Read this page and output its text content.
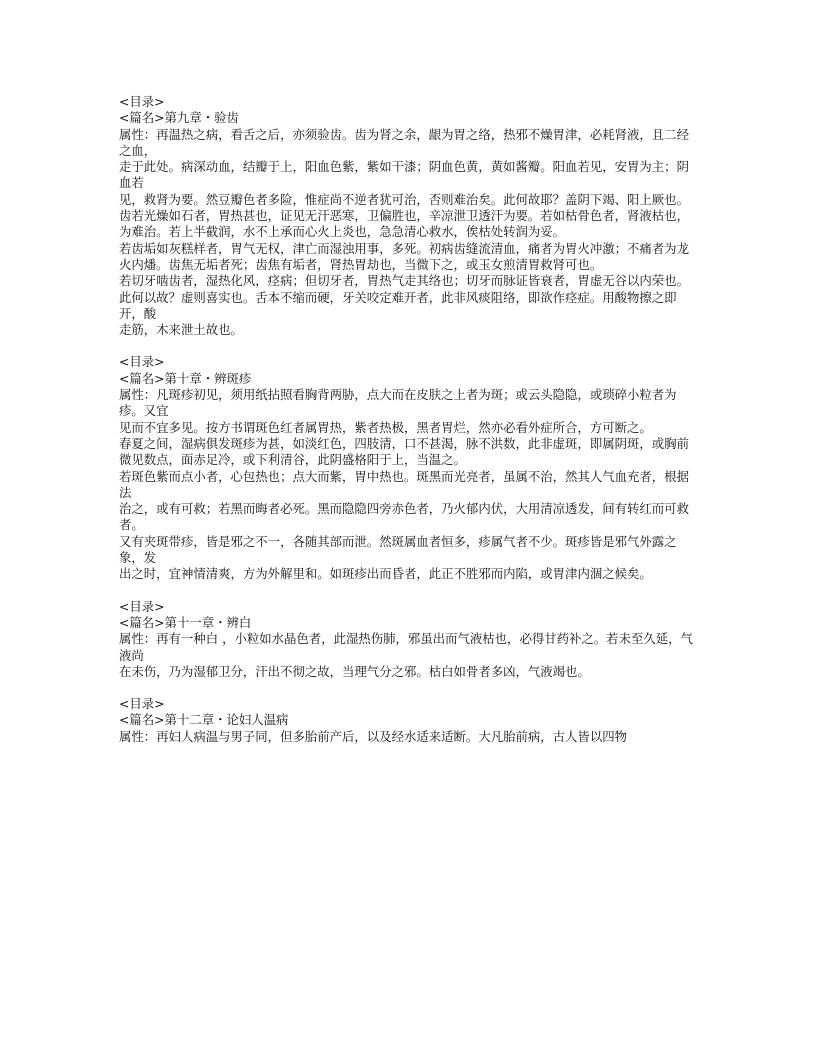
<目录>
<篇名>第九章・验齿
属性：再温热之病，看舌之后，亦须验齿。齿为肾之余，龈为胃之络，热邪不燥胃津，必耗肾液，且二经之血，
走于此处。病深动血，结瓣于上，阳血色紫，紫如干漆；阴血色黄，黄如酱瓣。阳血若见，安胃为主；阴血若
见，救肾为要。然豆瓣色者多险，惟症尚不逆者犹可治，否则难治矣。此何故耶？盖阴下竭、阳上厥也。
齿若光燥如石者，胃热甚也，证见无汗恶寒，卫偏胜也，辛凉泄卫透汗为要。若如枯骨色者，肾液枯也，
为难治。若上半截润，水不上承而心火上炎也，急急清心救水，俟枯处转润为妥。
若齿垢如灰糕样者，胃气无权，津亡而湿浊用事，多死。初病齿缝流清血，痛者为胃火冲激；不痛者为龙
火内燔。齿焦无垢者死；齿焦有垢者，肾热胃劫也，当微下之，或玉女煎清胃救肾可也。
若切牙啮齿者，湿热化风，痉病；但切牙者，胃热气走其络也；切牙而脉证皆衰者，胃虚无谷以内荣也。
此何以故？虚则喜实也。舌本不缩而硬，牙关咬定难开者，此非风痰阻络，即欲作痉症。用酸物擦之即开，酸
走筋，木来泄土故也。
<目录>
<篇名>第十章・辨斑疹
属性：凡斑疹初见，须用纸拈照看胸背两胁，点大而在皮肤之上者为斑；或云头隐隐，或琐碎小粒者为疹。又宜
见而不宜多见。按方书谓斑色红者属胃热，紫者热极，黑者胃烂，然亦必看外症所合，方可断之。
春夏之间，湿病俱发斑疹为甚，如淡红色，四肢清，口不甚渴，脉不洪数，此非虚斑，即属阴斑，或胸前
微见数点，面赤足冷，或下利清谷，此阴盛格阳于上，当温之。
若斑色紫而点小者，心包热也；点大而紫，胃中热也。斑黑而光亮者，虽属不治，然其人气血充者，根据法
治之，或有可救；若黑而晦者必死。黑而隐隐四旁赤色者，乃火郁内伏，大用清凉透发，间有转红而可救者。
又有夹斑带疹，皆是邪之不一，各随其部而泄。然斑属血者恒多，疹属气者不少。斑疹皆是邪气外露之象，发
出之时，宜神情清爽，方为外解里和。如斑疹出而昏者，此正不胜邪而内陷，或胃津内涸之候矣。
<目录>
<篇名>第十一章・辨白
属性：再有一种白 ，小粒如水晶色者，此湿热伤肺，邪虽出而气液枯也，必得甘药补之。若未至久延，气液尚
在未伤，乃为湿郁卫分，汗出不彻之故，当理气分之邪。枯白如骨者多凶，气液竭也。
<目录>
<篇名>第十二章・论妇人温病
属性：再妇人病温与男子同，但多胎前产后，以及经水适来适断。大凡胎前病，古人皆以四物
